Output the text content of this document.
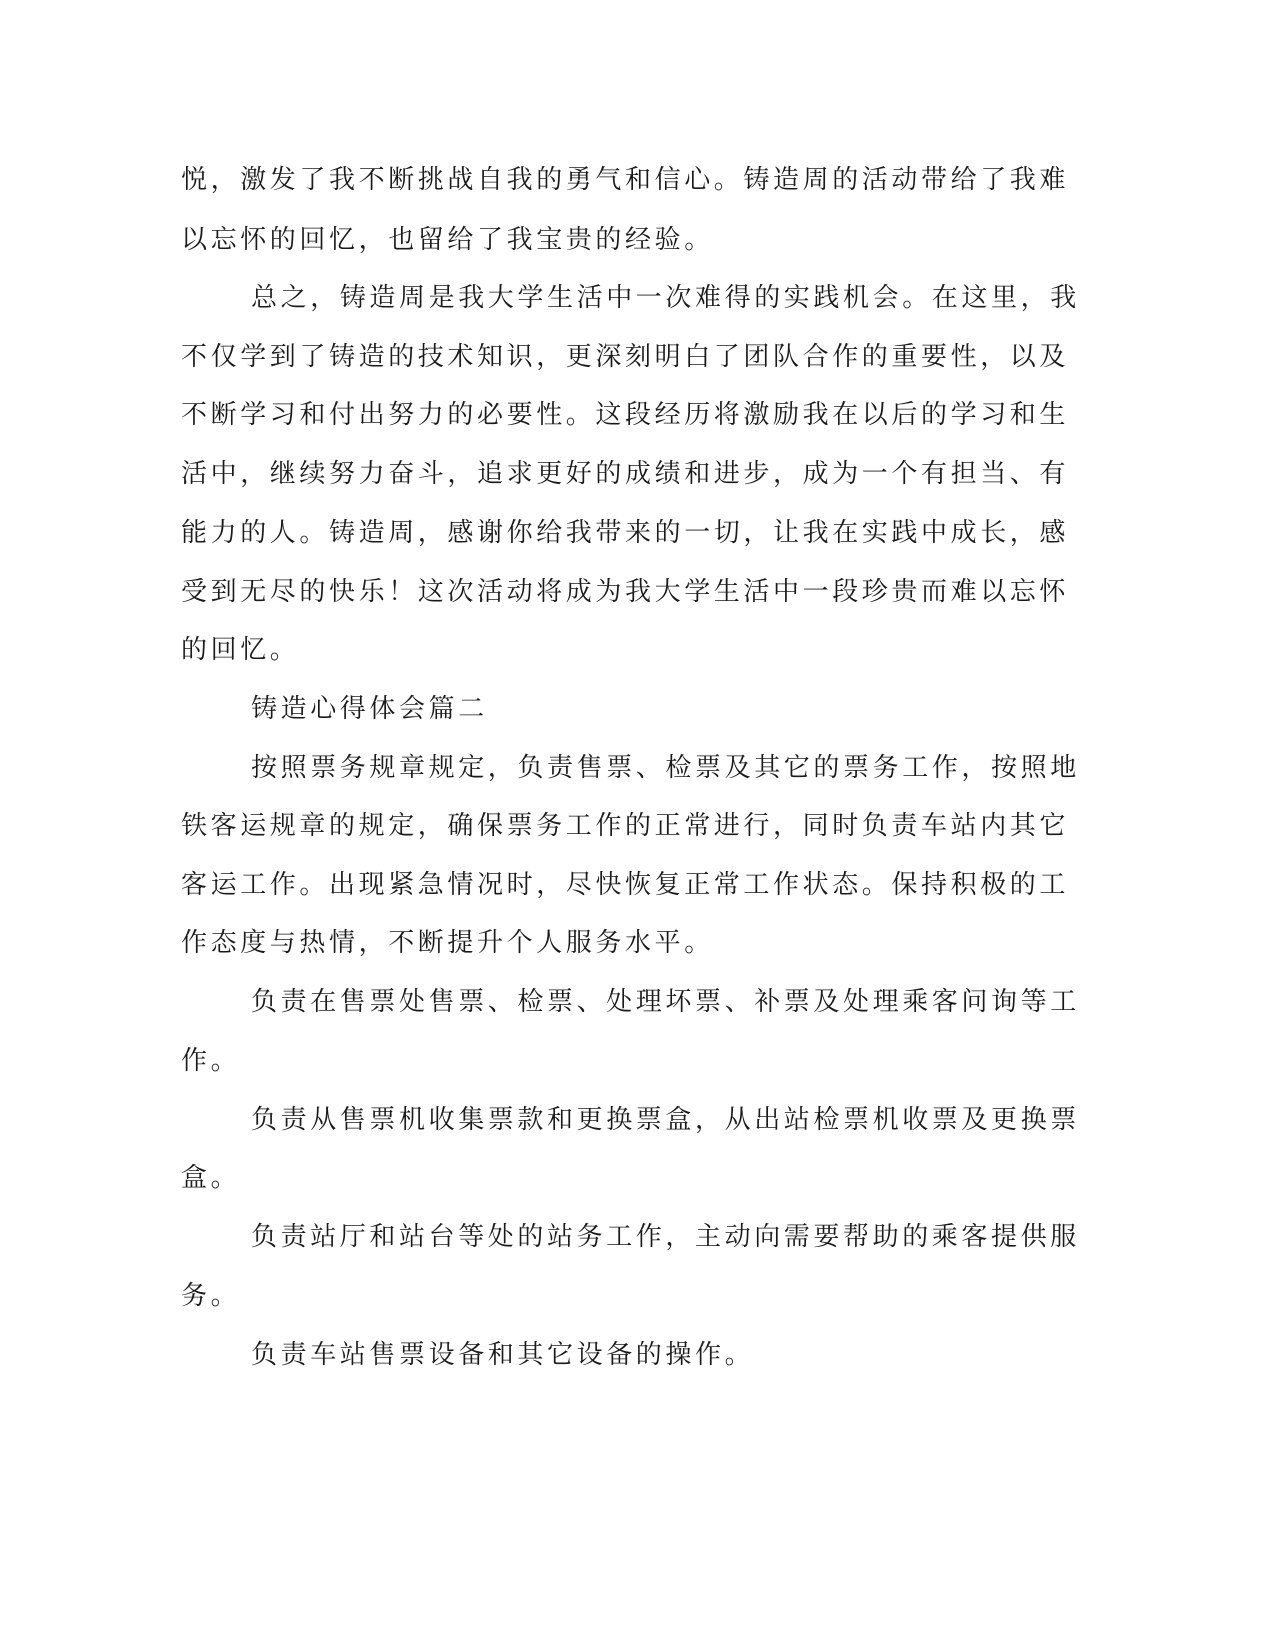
悦，激发了我不断挑战自我的勇气和信心。铸造周的活动带给了我难
以忘怀的回忆，也留给了我宝贵的经验。
总之，铸造周是我大学生活中一次难得的实践机会。在这里，我
不仅学到了铸造的技术知识，更深刻明白了团队合作的重要性，以及
不断学习和付出努力的必要性。这段经历将激励我在以后的学习和生
活中，继续努力奋斗，追求更好的成绩和进步，成为一个有担当、有
能力的人。铸造周，感谢你给我带来的一切，让我在实践中成长，感
受到无尽的快乐！这次活动将成为我大学生活中一段珍贵而难以忘怀
的回忆。
铸造心得体会篇二
按照票务规章规定，负责售票、检票及其它的票务工作，按照地
铁客运规章的规定，确保票务工作的正常进行，同时负责车站内其它
客运工作。出现紧急情况时，尽快恢复正常工作状态。保持积极的工
作态度与热情，不断提升个人服务水平。
负责在售票处售票、检票、处理坏票、补票及处理乘客问询等工
作。
负责从售票机收集票款和更换票盒，从出站检票机收票及更换票
盒。
负责站厅和站台等处的站务工作，主动向需要帮助的乘客提供服
务。
负责车站售票设备和其它设备的操作。
